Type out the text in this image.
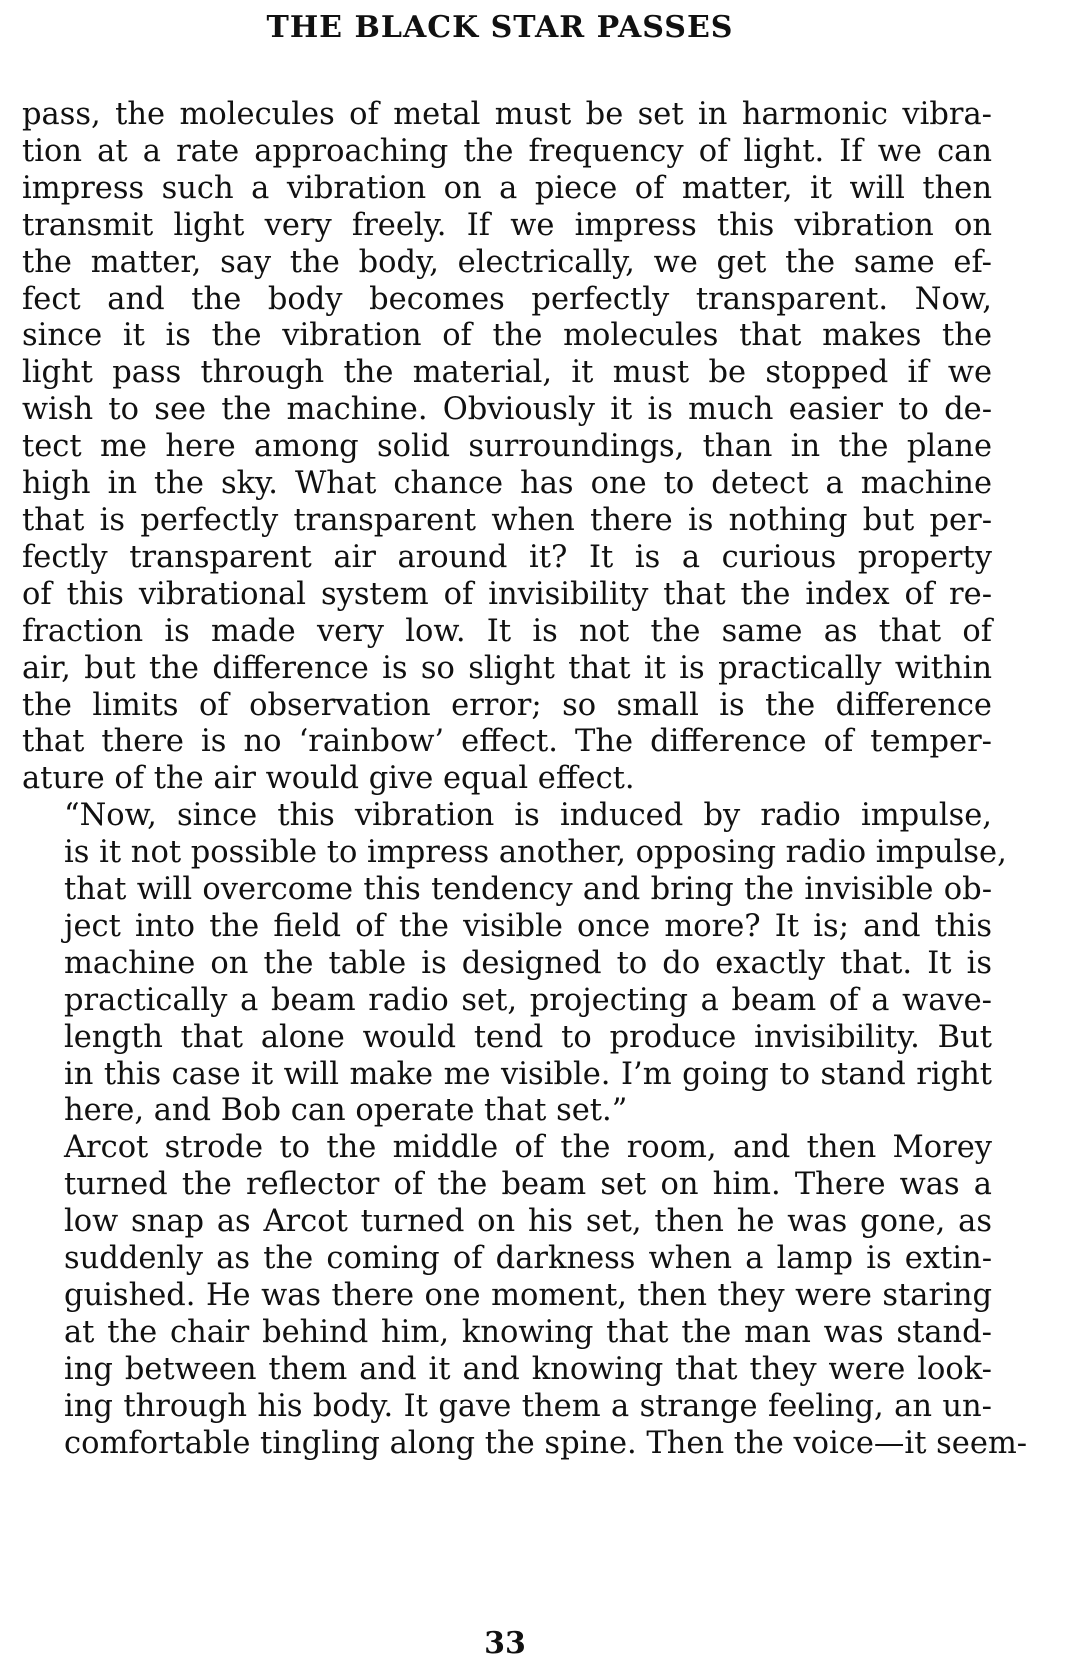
THE BLACK STAR PASSES

pass, the molecules of metal must be set in harmonic vibra-
tion at a rate approaching the frequency of light. If we can
impress such a vibration on a piece of matter, it will then
transmit light very freely. If we impress this vibration on
the matter, say the body, electrically, we get the same ef-
fect and the body becomes perfectly transparent. Now,
since it is the vibration of the molecules that makes the
light pass through the material, it must be stopped if we
wish to see the machine. Obviously it is much easier to de-
tect me here among solid surroundings, than in the plane
high in the sky. What chance has one to detect a machine
that is perfectly transparent when there is nothing but per-
fectly transparent air around it? It is a curious property
of this vibrational system of invisibility that the index of re-
fraction is made very low. It is not the same as that of
air, but the difference is so slight that it is practically within
the limits of observation error; so small is the difference
that there is no ‘rainbow’ effect. The difference of temper-
ature of the air would give equal effect.

“Now, since this vibration is induced by radio impulse,
is it not possible to impress another, opposing radio impulse,
that will overcome this tendency and bring the invisible ob-
ject into the field of the visible once more? It is; and this
machine on the table is designed to do exactly that. It is
practically a beam radio set, projecting a beam of a wave-
length that alone would tend to produce invisibility. But
in this case it will make me visible. I’m going to stand right
here, and Bob can operate that set.”

Arcot strode to the middle of the room, and then Morey
turned the reflector of the beam set on him. There was a
low snap as Arcot turned on his set, then he was gone, as
suddenly as the coming of darkness when a lamp is extin-
guished. He was there one moment, then they were staring
at the chair behind him, knowing that the man was stand-
ing between them and it and knowing that they were look-
ing through his body. It gave them a strange feeling, an un-
comfortable tingling along the spine. Then the voice—it seem-

33
